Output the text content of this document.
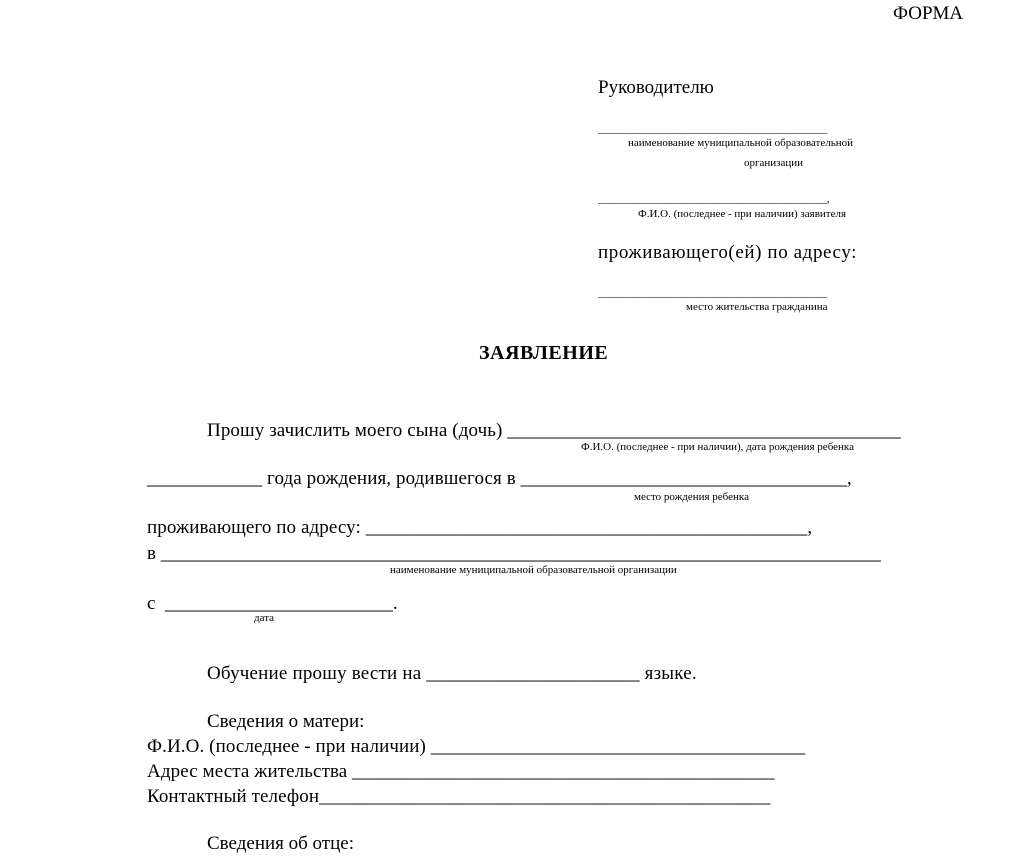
ФОРМА
Руководителю
____________________________________________
наименование муниципальной образовательной
организации
____________________________________________,
Ф.И.О. (последнее - при наличии) заявителя
проживающего(ей) по адресу:
____________________________________________
место жительства гражданина
ЗАЯВЛЕНИЕ
Прошу зачислить моего сына (дочь) _________________________________________
Ф.И.О. (последнее - при наличии), дата рождения ребенка
____________ года рождения, родившегося в __________________________________,
место рождения ребенка
проживающего по адресу: ______________________________________________,
в ___________________________________________________________________________
наименование муниципальной образовательной организации
с  ________________________.
дата
Обучение прошу вести на ______________________ языке.
Сведения о матери:
Ф.И.О. (последнее - при наличии) _______________________________________
Адрес места жительства ____________________________________________
Контактный телефон_______________________________________________
Сведения об отце:
